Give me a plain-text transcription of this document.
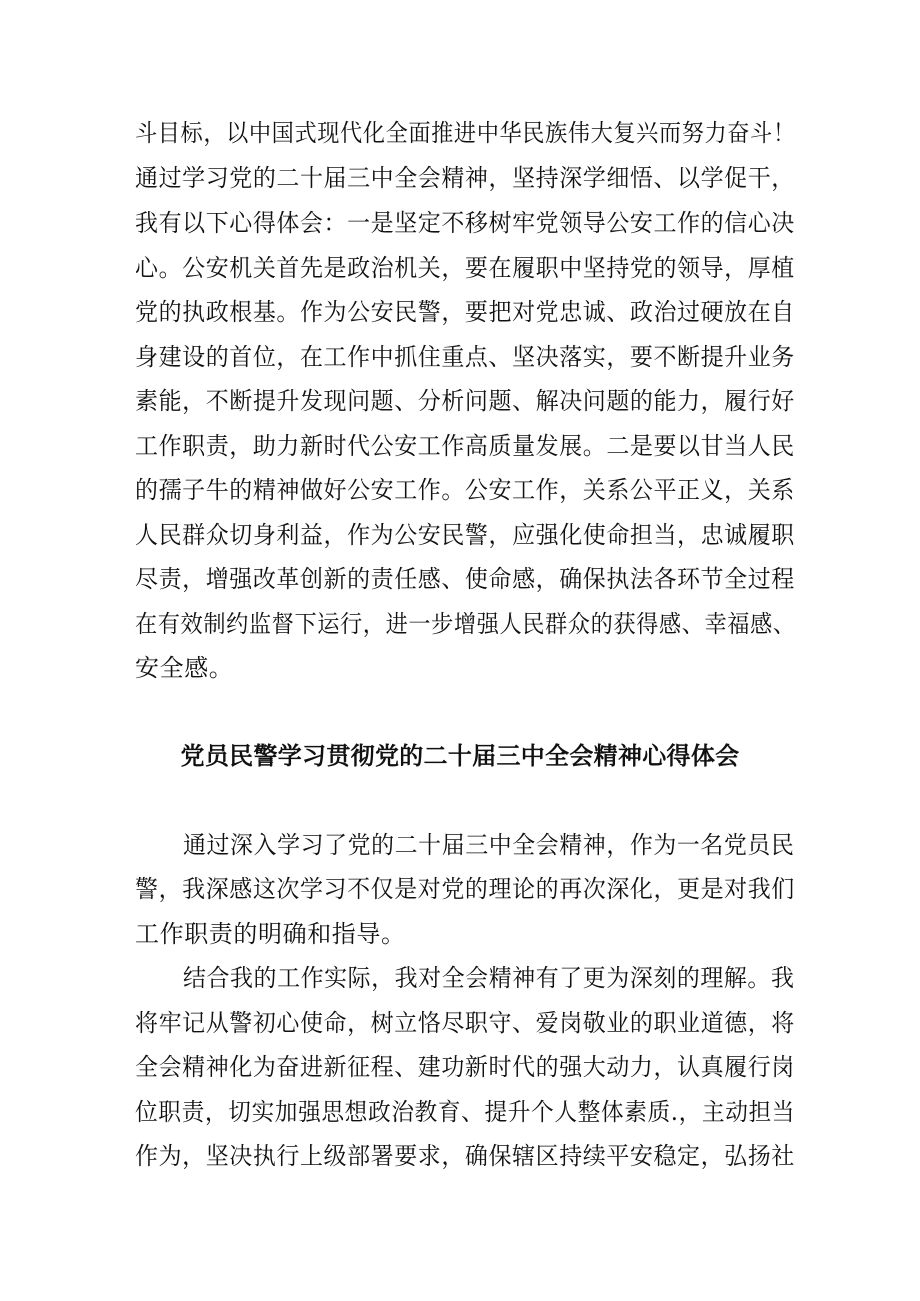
斗目标，以中国式现代化全面推进中华民族伟大复兴而努力奋斗！
通过学习党的二十届三中全会精神，坚持深学细悟、以学促干，
我有以下心得体会：一是坚定不移树牢党领导公安工作的信心决
心。公安机关首先是政治机关，要在履职中坚持党的领导，厚植
党的执政根基。作为公安民警，要把对党忠诚、政治过硬放在自
身建设的首位，在工作中抓住重点、坚决落实，要不断提升业务
素能，不断提升发现问题、分析问题、解决问题的能力，履行好
工作职责，助力新时代公安工作高质量发展。二是要以甘当人民
的孺子牛的精神做好公安工作。公安工作，关系公平正义，关系
人民群众切身利益，作为公安民警，应强化使命担当，忠诚履职
尽责，增强改革创新的责任感、使命感，确保执法各环节全过程
在有效制约监督下运行，进一步增强人民群众的获得感、幸福感、
安全感。
党员民警学习贯彻党的二十届三中全会精神心得体会
通过深入学习了党的二十届三中全会精神，作为一名党员民
警，我深感这次学习不仅是对党的理论的再次深化，更是对我们
工作职责的明确和指导。
结合我的工作实际，我对全会精神有了更为深刻的理解。我
将牢记从警初心使命，树立恪尽职守、爱岗敬业的职业道德，将
全会精神化为奋进新征程、建功新时代的强大动力，认真履行岗
位职责，切实加强思想政治教育、提升个人整体素质.，主动担当
作为，坚决执行上级部署要求，确保辖区持续平安稳定，弘扬社
